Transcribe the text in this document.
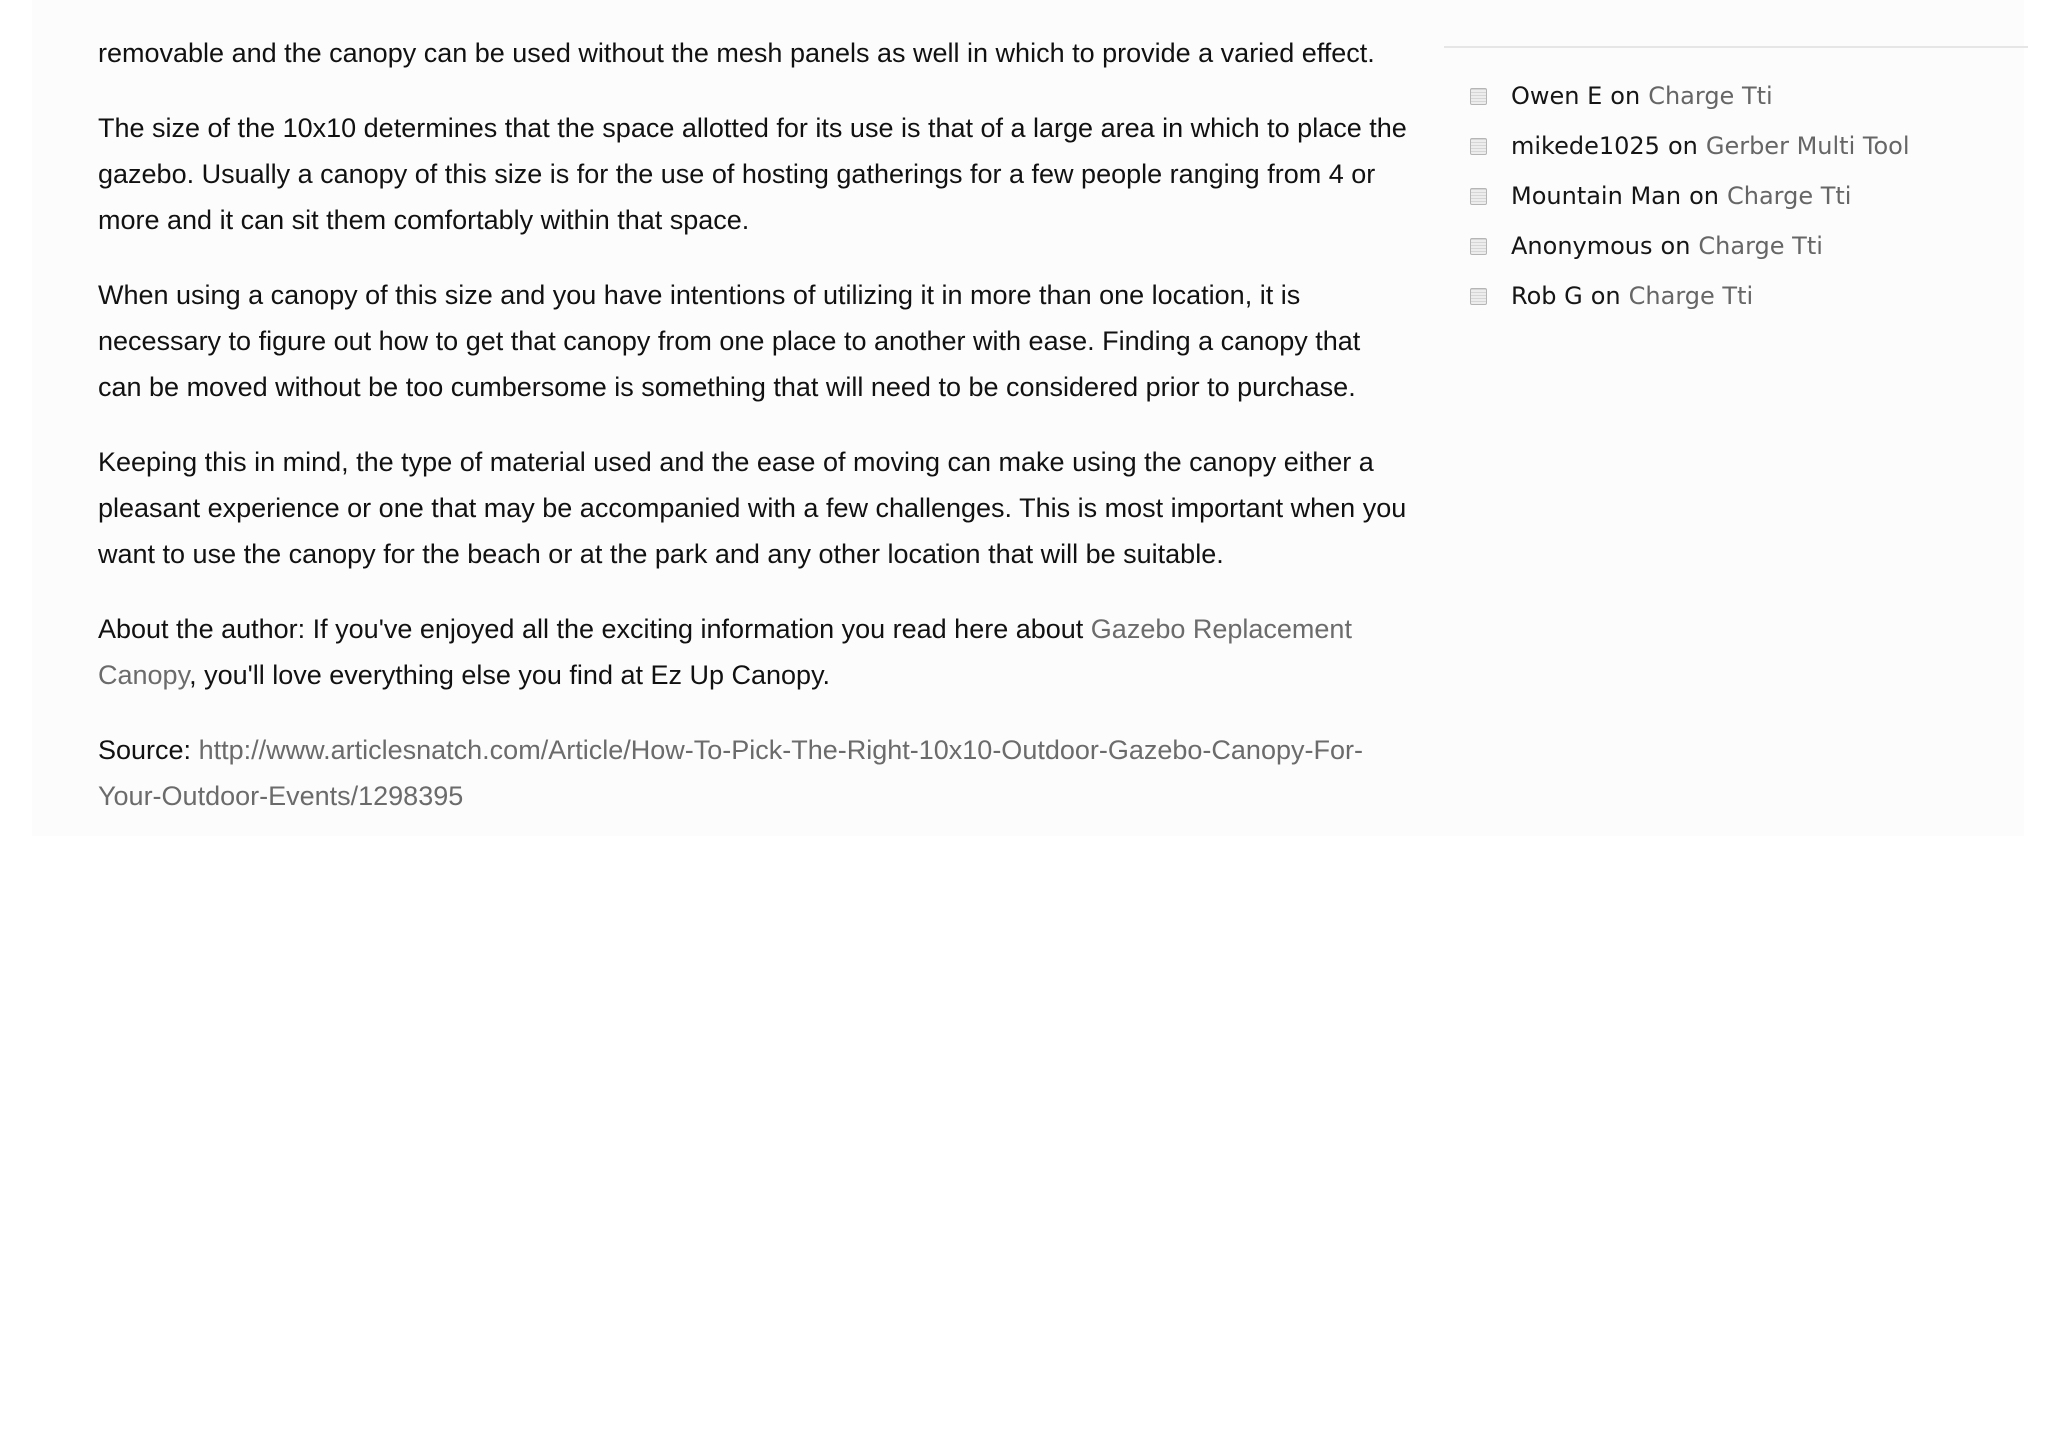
removable and the canopy can be used without the mesh panels as well in which to provide a varied effect.

The size of the 10x10 determines that the space allotted for its use is that of a large area in which to place the gazebo. Usually a canopy of this size is for the use of hosting gatherings for a few people ranging from 4 or more and it can sit them comfortably within that space.

When using a canopy of this size and you have intentions of utilizing it in more than one location, it is necessary to figure out how to get that canopy from one place to another with ease. Finding a canopy that can be moved without be too cumbersome is something that will need to be considered prior to purchase.

Keeping this in mind, the type of material used and the ease of moving can make using the canopy either a pleasant experience or one that may be accompanied with a few challenges. This is most important when you want to use the canopy for the beach or at the park and any other location that will be suitable.

About the author: If you've enjoyed all the exciting information you read here about Gazebo Replacement Canopy, you'll love everything else you find at Ez Up Canopy.

Source: http://www.articlesnatch.com/Article/How-To-Pick-The-Right-10x10-Outdoor-Gazebo-Canopy-For-Your-Outdoor-Events/1298395

Owen E on Charge Tti
mikede1025 on Gerber Multi Tool
Mountain Man on Charge Tti
Anonymous on Charge Tti
Rob G on Charge Tti
